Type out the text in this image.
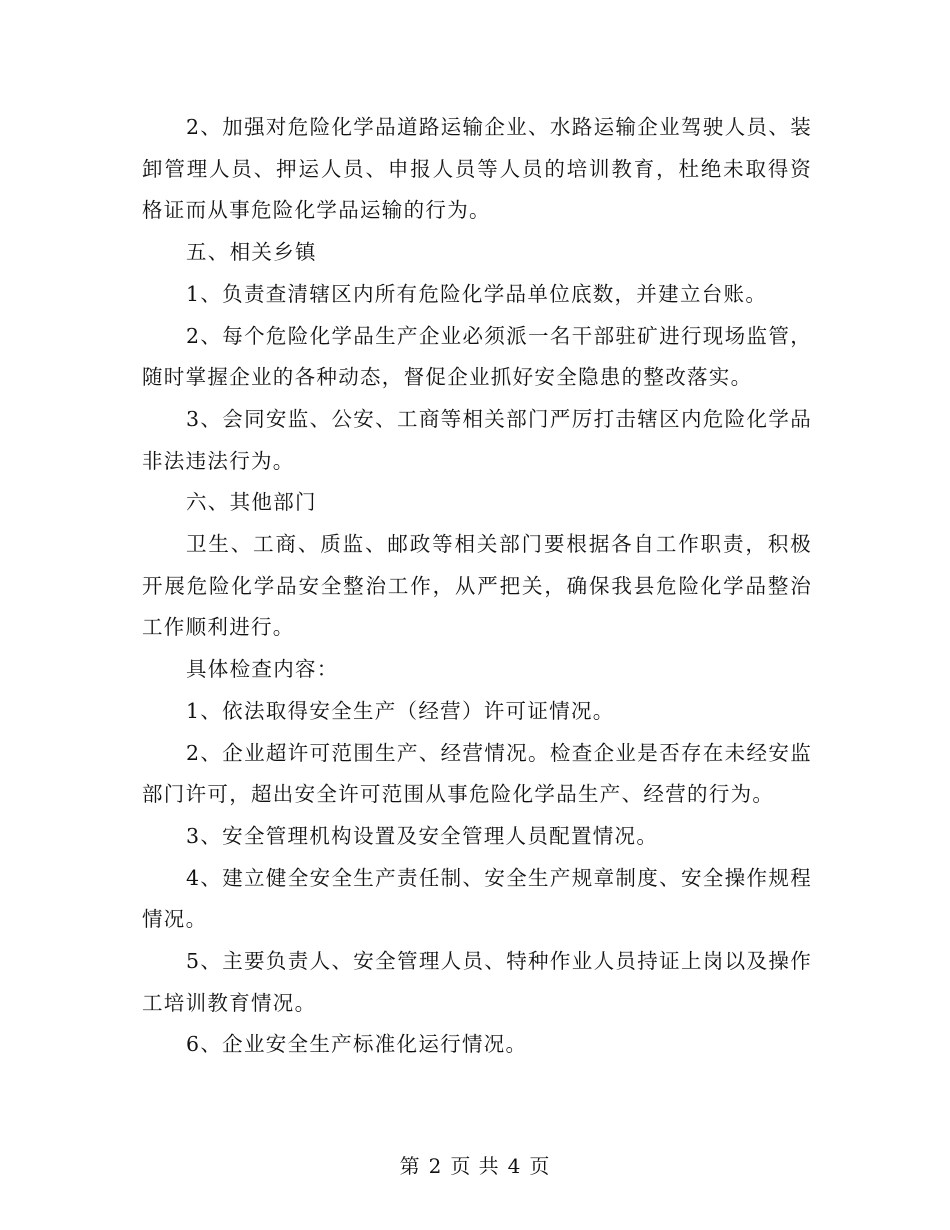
2、加强对危险化学品道路运输企业、水路运输企业驾驶人员、装卸管理人员、押运人员、申报人员等人员的培训教育，杜绝未取得资格证而从事危险化学品运输的行为。

五、相关乡镇

1、负责查清辖区内所有危险化学品单位底数，并建立台账。

2、每个危险化学品生产企业必须派一名干部驻矿进行现场监管，随时掌握企业的各种动态，督促企业抓好安全隐患的整改落实。

3、会同安监、公安、工商等相关部门严厉打击辖区内危险化学品非法违法行为。

六、其他部门

卫生、工商、质监、邮政等相关部门要根据各自工作职责，积极开展危险化学品安全整治工作，从严把关，确保我县危险化学品整治工作顺利进行。

具体检查内容：

1、依法取得安全生产（经营）许可证情况。

2、企业超许可范围生产、经营情况。检查企业是否存在未经安监部门许可，超出安全许可范围从事危险化学品生产、经营的行为。

3、安全管理机构设置及安全管理人员配置情况。

4、建立健全安全生产责任制、安全生产规章制度、安全操作规程情况。

5、主要负责人、安全管理人员、特种作业人员持证上岗以及操作工培训教育情况。

6、企业安全生产标准化运行情况。

第 2 页 共 4 页
